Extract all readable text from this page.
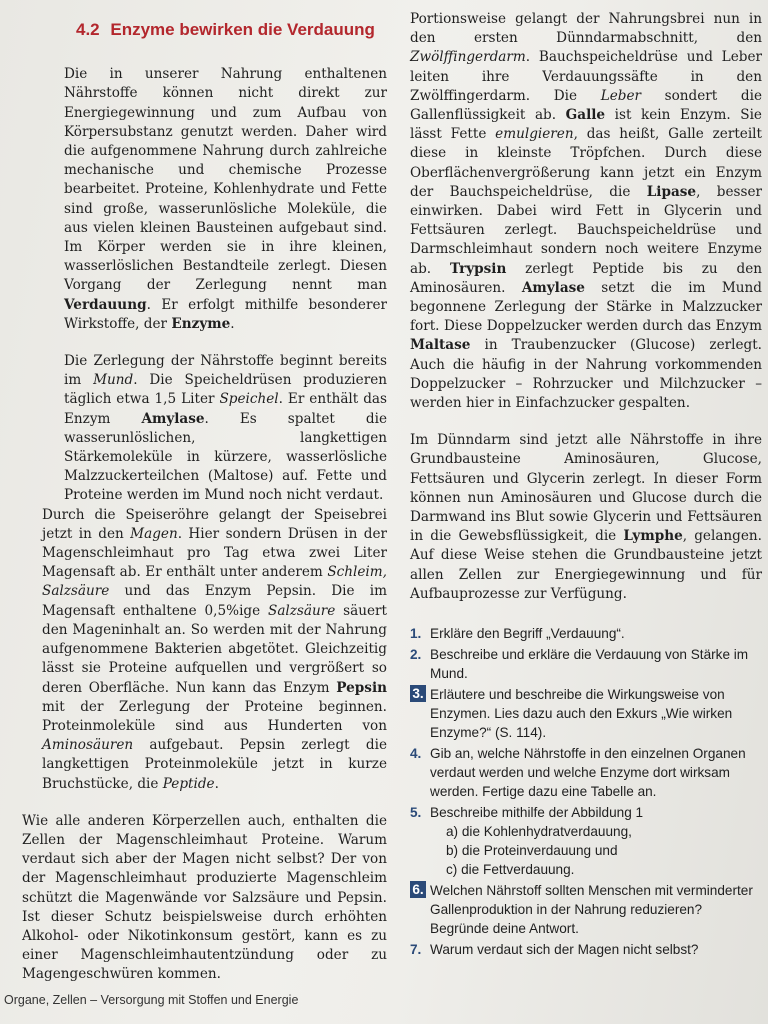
4.2 Enzyme bewirken die Verdauung

Die in unserer Nahrung enthaltenen Nährstoffe können nicht direkt zur Energiegewinnung und zum Aufbau von Körpersubstanz genutzt werden. Daher wird die aufgenommene Nahrung durch zahlreiche mechanische und chemische Prozesse bearbeitet. Proteine, Kohlenhydrate und Fette sind große, wasserunlösliche Moleküle, die aus vielen kleinen Bausteinen aufgebaut sind. Im Körper werden sie in ihre kleinen, wasserlöslichen Bestandteile zerlegt. Diesen Vorgang der Zerlegung nennt man Verdauung. Er erfolgt mithilfe besonderer Wirkstoffe, der Enzyme.

Die Zerlegung der Nährstoffe beginnt bereits im Mund. Die Speicheldrüsen produzieren täglich etwa 1,5 Liter Speichel. Er enthält das Enzym Amylase. Es spaltet die wasserunlöslichen, langkettigen Stärkemoleküle in kürzere, wasserlösliche Malzzuckerteilchen (Maltose) auf. Fette und Proteine werden im Mund noch nicht verdaut.

Durch die Speiseröhre gelangt der Speisebrei jetzt in den Magen. Hier sondern Drüsen in der Magenschleimhaut pro Tag etwa zwei Liter Magensaft ab. Er enthält unter anderem Schleim, Salzsäure und das Enzym Pepsin. Die im Magensaft enthaltene 0,5%ige Salzsäure säuert den Mageninhalt an. So werden mit der Nahrung aufgenommene Bakterien abgetötet. Gleichzeitig lässt sie Proteine aufquellen und vergrößert so deren Oberfläche. Nun kann das Enzym Pepsin mit der Zerlegung der Proteine beginnen. Proteinmoleküle sind aus Hunderten von Aminosäuren aufgebaut. Pepsin zerlegt die langkettigen Proteinmoleküle jetzt in kurze Bruchstücke, die Peptide.

Wie alle anderen Körperzellen auch, enthalten die Zellen der Magenschleimhaut Proteine. Warum verdaut sich aber der Magen nicht selbst? Der von der Magenschleimhaut produzierte Magenschleim schützt die Magenwände vor Salzsäure und Pepsin. Ist dieser Schutz beispielsweise durch erhöhten Alkohol- oder Nikotinkonsum gestört, kann es zu einer Magenschleimhautentzündung oder zu Magengeschwüren kommen.

Portionsweise gelangt der Nahrungsbrei nun in den ersten Dünndarmabschnitt, den Zwölffingerdarm. Bauchspeicheldrüse und Leber leiten ihre Verdauungssäfte in den Zwölffingerdarm. Die Leber sondert die Gallenflüssigkeit ab. Galle ist kein Enzym. Sie lässt Fette emulgieren, das heißt, Galle zerteilt diese in kleinste Tröpfchen. Durch diese Oberflächenvergrößerung kann jetzt ein Enzym der Bauchspeicheldrüse, die Lipase, besser einwirken. Dabei wird Fett in Glycerin und Fettsäuren zerlegt. Bauchspeicheldrüse und Darmschleimhaut sondern noch weitere Enzyme ab. Trypsin zerlegt Peptide bis zu den Aminosäuren. Amylase setzt die im Mund begonnene Zerlegung der Stärke in Malzzucker fort. Diese Doppelzucker werden durch das Enzym Maltase in Traubenzucker (Glucose) zerlegt. Auch die häufig in der Nahrung vorkommenden Doppelzucker – Rohrzucker und Milchzucker – werden hier in Einfachzucker gespalten.

Im Dünndarm sind jetzt alle Nährstoffe in ihre Grundbausteine Aminosäuren, Glucose, Fettsäuren und Glycerin zerlegt. In dieser Form können nun Aminosäuren und Glucose durch die Darmwand ins Blut sowie Glycerin und Fettsäuren in die Gewebsflüssigkeit, die Lymphe, gelangen. Auf diese Weise stehen die Grundbausteine jetzt allen Zellen zur Energiegewinnung und für Aufbauprozesse zur Verfügung.

1. Erkläre den Begriff „Verdauung“.
2. Beschreibe und erkläre die Verdauung von Stärke im Mund.
3. Erläutere und beschreibe die Wirkungsweise von Enzymen. Lies dazu auch den Exkurs „Wie wirken Enzyme?“ (S. 114).
4. Gib an, welche Nährstoffe in den einzelnen Organen verdaut werden und welche Enzyme dort wirksam werden. Fertige dazu eine Tabelle an.
5. Beschreibe mithilfe der Abbildung 1
a) die Kohlenhydratverdauung,
b) die Proteinverdauung und
c) die Fettverdauung.
6. Welchen Nährstoff sollten Menschen mit verminderter Gallenproduktion in der Nahrung reduzieren? Begründe deine Antwort.
7. Warum verdaut sich der Magen nicht selbst?
Organe, Zellen – Versorgung mit Stoffen und Energie
